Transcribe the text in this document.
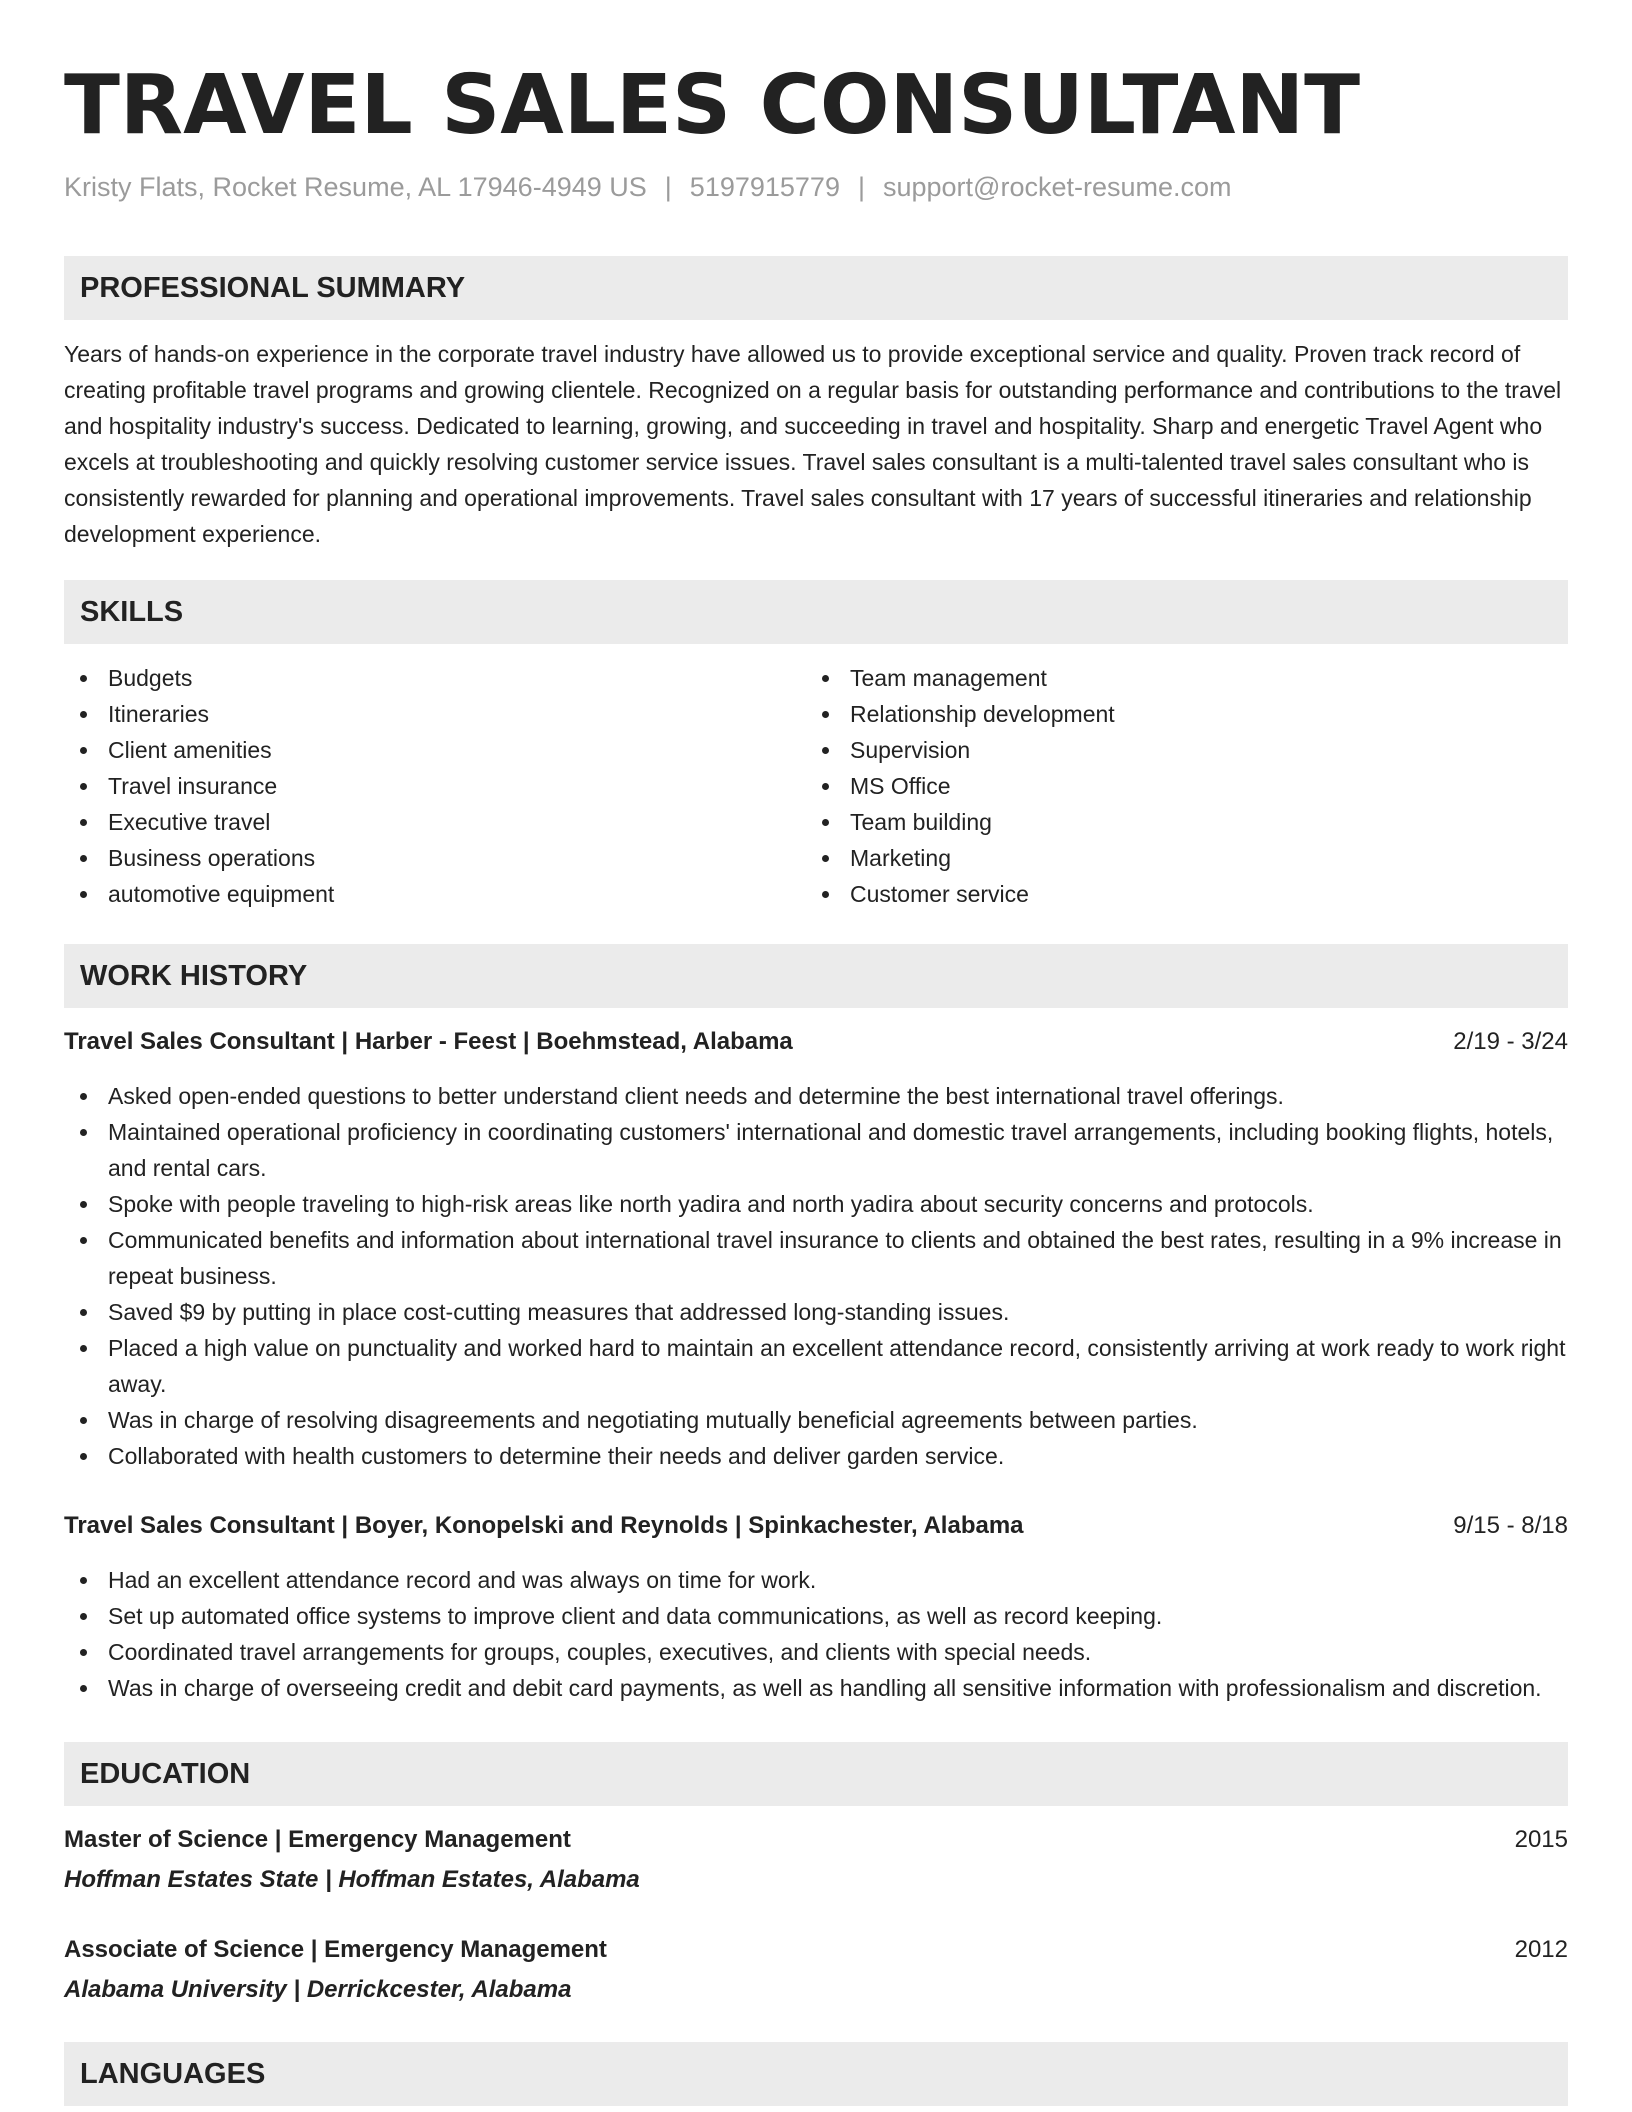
TRAVEL SALES CONSULTANT
Kristy Flats, Rocket Resume, AL 17946-4949 US | 5197915779 | support@rocket-resume.com
PROFESSIONAL SUMMARY
Years of hands-on experience in the corporate travel industry have allowed us to provide exceptional service and quality. Proven track record of creating profitable travel programs and growing clientele. Recognized on a regular basis for outstanding performance and contributions to the travel and hospitality industry's success. Dedicated to learning, growing, and succeeding in travel and hospitality. Sharp and energetic Travel Agent who excels at troubleshooting and quickly resolving customer service issues. Travel sales consultant is a multi-talented travel sales consultant who is consistently rewarded for planning and operational improvements. Travel sales consultant with 17 years of successful itineraries and relationship development experience.
SKILLS
Budgets
Itineraries
Client amenities
Travel insurance
Executive travel
Business operations
automotive equipment
Team management
Relationship development
Supervision
MS Office
Team building
Marketing
Customer service
WORK HISTORY
Travel Sales Consultant | Harber - Feest | Boehmstead, Alabama	2/19 - 3/24
Asked open-ended questions to better understand client needs and determine the best international travel offerings.
Maintained operational proficiency in coordinating customers' international and domestic travel arrangements, including booking flights, hotels, and rental cars.
Spoke with people traveling to high-risk areas like north yadira and north yadira about security concerns and protocols.
Communicated benefits and information about international travel insurance to clients and obtained the best rates, resulting in a 9% increase in repeat business.
Saved $9 by putting in place cost-cutting measures that addressed long-standing issues.
Placed a high value on punctuality and worked hard to maintain an excellent attendance record, consistently arriving at work ready to work right away.
Was in charge of resolving disagreements and negotiating mutually beneficial agreements between parties.
Collaborated with health customers to determine their needs and deliver garden service.
Travel Sales Consultant | Boyer, Konopelski and Reynolds | Spinkachester, Alabama	9/15 - 8/18
Had an excellent attendance record and was always on time for work.
Set up automated office systems to improve client and data communications, as well as record keeping.
Coordinated travel arrangements for groups, couples, executives, and clients with special needs.
Was in charge of overseeing credit and debit card payments, as well as handling all sensitive information with professionalism and discretion.
EDUCATION
Master of Science | Emergency Management	2015
Hoffman Estates State | Hoffman Estates, Alabama
Associate of Science | Emergency Management	2012
Alabama University | Derrickcester, Alabama
LANGUAGES
